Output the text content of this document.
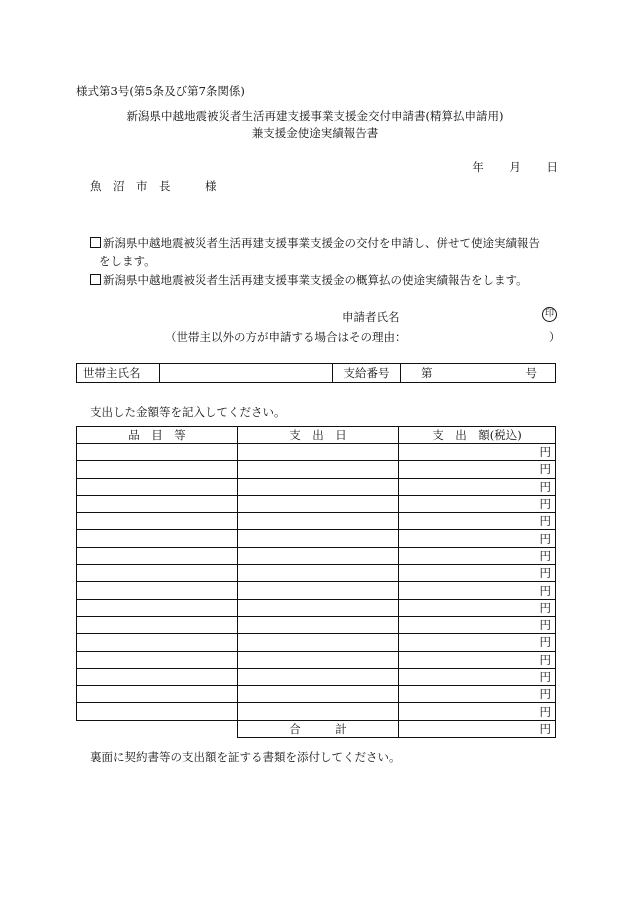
様式第3号(第5条及び第7条関係)
新潟県中越地震被災者生活再建支援事業支援金交付申請書(精算払申請用)
兼支援金使途実績報告書
年 月 日
魚　沼　市　長　　　様
新潟県中越地震被災者生活再建支援事業支援金の交付を申請し、併せて使途実績報告
をします。
新潟県中越地震被災者生活再建支援事業支援金の概算払の使途実績報告をします。
申請者氏名	印
（世帯主以外の方が申請する場合はその理由：	）
世帯主氏名		支給番号	第	号
支出した金額等を記入してください。
品　目　等	支　出　日	支　出　額(税込)
		円
		円
		円
		円
		円
		円
		円
		円
		円
		円
		円
		円
		円
		円
		円
		円
	合　　　計	円
裏面に契約書等の支出額を証する書類を添付してください。
